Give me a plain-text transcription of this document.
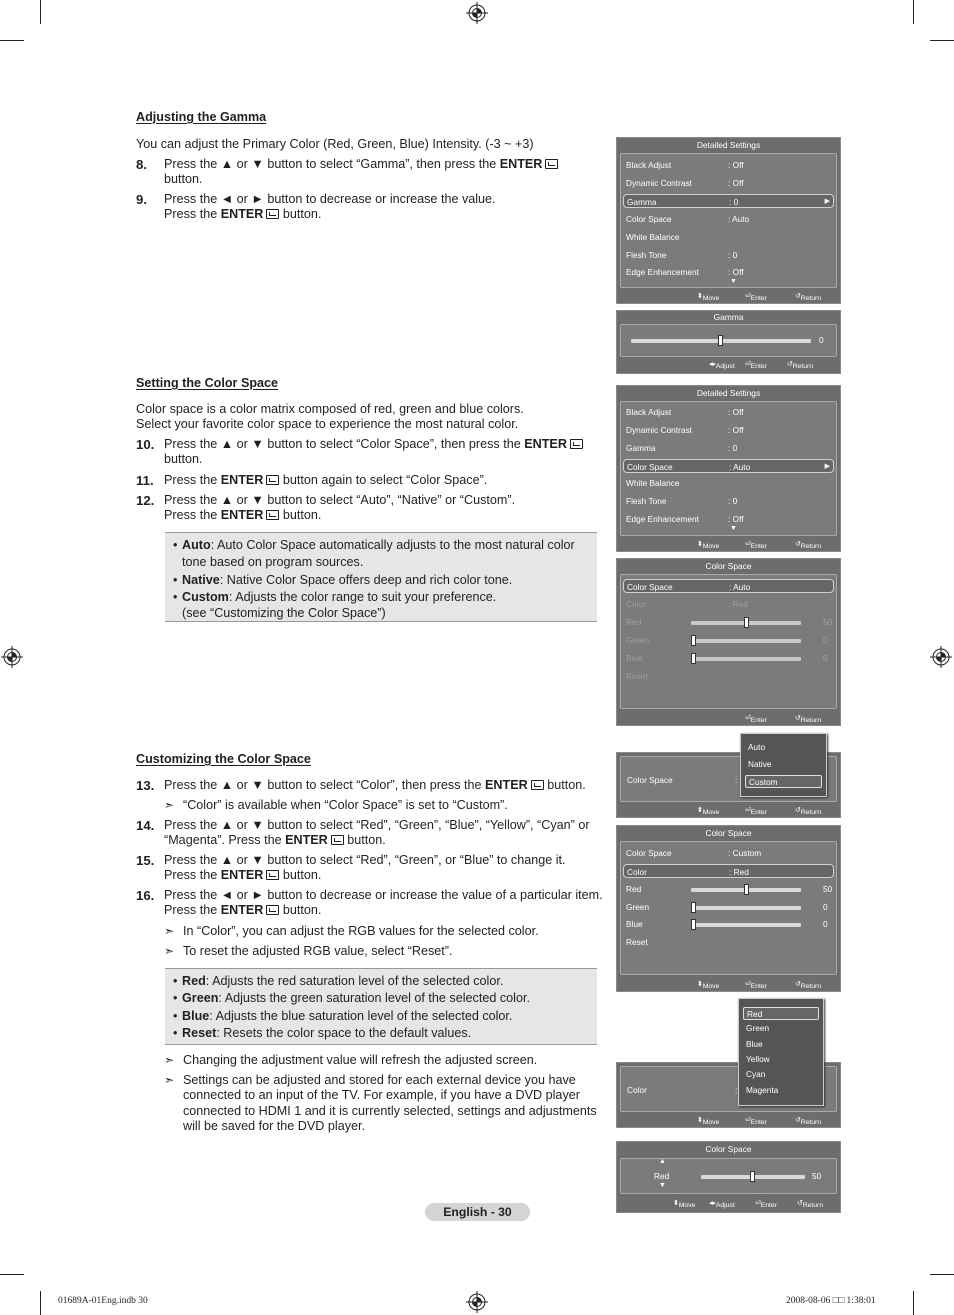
Adjusting the Gamma
You can adjust the Primary Color (Red, Green, Blue) Intensity. (-3 ~ +3)
8. Press the ▲ or ▼ button to select “Gamma”, then press the ENTER
button.
9. Press the ◄ or ► button to decrease or increase the value.
Press the ENTER button.
Setting the Color Space
Color space is a color matrix composed of red, green and blue colors.
Select your favorite color space to experience the most natural color.
10. Press the ▲ or ▼ button to select “Color Space”, then press the ENTER
button.
11. Press the ENTER button again to select “Color Space”.
12. Press the ▲ or ▼ button to select “Auto”, “Native” or “Custom”.
Press the ENTER button.
• Auto: Auto Color Space automatically adjusts to the most natural color tone based on program sources.
• Native: Native Color Space offers deep and rich color tone.
• Custom: Adjusts the color range to suit your preference.
(see “Customizing the Color Space”)
Customizing the Color Space
13. Press the ▲ or ▼ button to select “Color”, then press the ENTER button.
➣ “Color” is available when “Color Space” is set to “Custom”.
14. Press the ▲ or ▼ button to select “Red”, “Green”, “Blue”, “Yellow”, “Cyan” or “Magenta”. Press the ENTER button.
15. Press the ▲ or ▼ button to select “Red”, “Green”, or “Blue” to change it.
Press the ENTER button.
16. Press the ◄ or ► button to decrease or increase the value of a particular item. Press the ENTER button.
➣ In “Color”, you can adjust the RGB values for the selected color.
➣ To reset the adjusted RGB value, select “Reset”.
• Red: Adjusts the red saturation level of the selected color.
• Green: Adjusts the green saturation level of the selected color.
• Blue: Adjusts the blue saturation level of the selected color.
• Reset: Resets the color space to the default values.
➣ Changing the adjustment value will refresh the adjusted screen.
➣ Settings can be adjusted and stored for each external device you have connected to an input of the TV. For example, if you have a DVD player connected to HDMI 1 and it is currently selected, settings and adjustments will be saved for the DVD player.
Detailed Settings
Black Adjust	: Off
Dynamic Contrast	: Off
Gamma	: 0	▶
Color Space	: Auto
White Balance
Flesh Tone	: 0
Edge Enhancement	: Off
▼
⬍ Move	⏎ Enter	↺ Return
Gamma
0
◂▸ Adjust ⏎ Enter	↺ Return
Detailed Settings
Black Adjust	: Off
Dynamic Contrast	: Off
Gamma	: 0
Color Space	: Auto	▶
White Balance
Flesh Tone	: 0
Edge Enhancement	: Off
▼
⬍ Move	⏎ Enter	↺ Return
Color Space
Color Space	: Auto
Color	: Red
Red	50
Green	0
Blue	0
Reset
⏎ Enter	↺ Return
Color Space	:
⬍ Move	⏎ Enter	↺ Return
Auto
Native
Custom
Color Space
Color Space	: Custom
Color	: Red
Red	50
Green	0
Blue	0
Reset
⬍ Move	⏎ Enter	↺ Return
Color	:
⬍ Move	⏎ Enter	↺ Return
Red
Green
Blue
Yellow
Cyan
Magenta
Color Space
▲
Red
▼
50
⬍ Move ◂▸ Adjust	⏎ Enter	↺ Return
English - 30
01689A-01Eng.indb 30	2008-08-06 □□ 1:38:01
